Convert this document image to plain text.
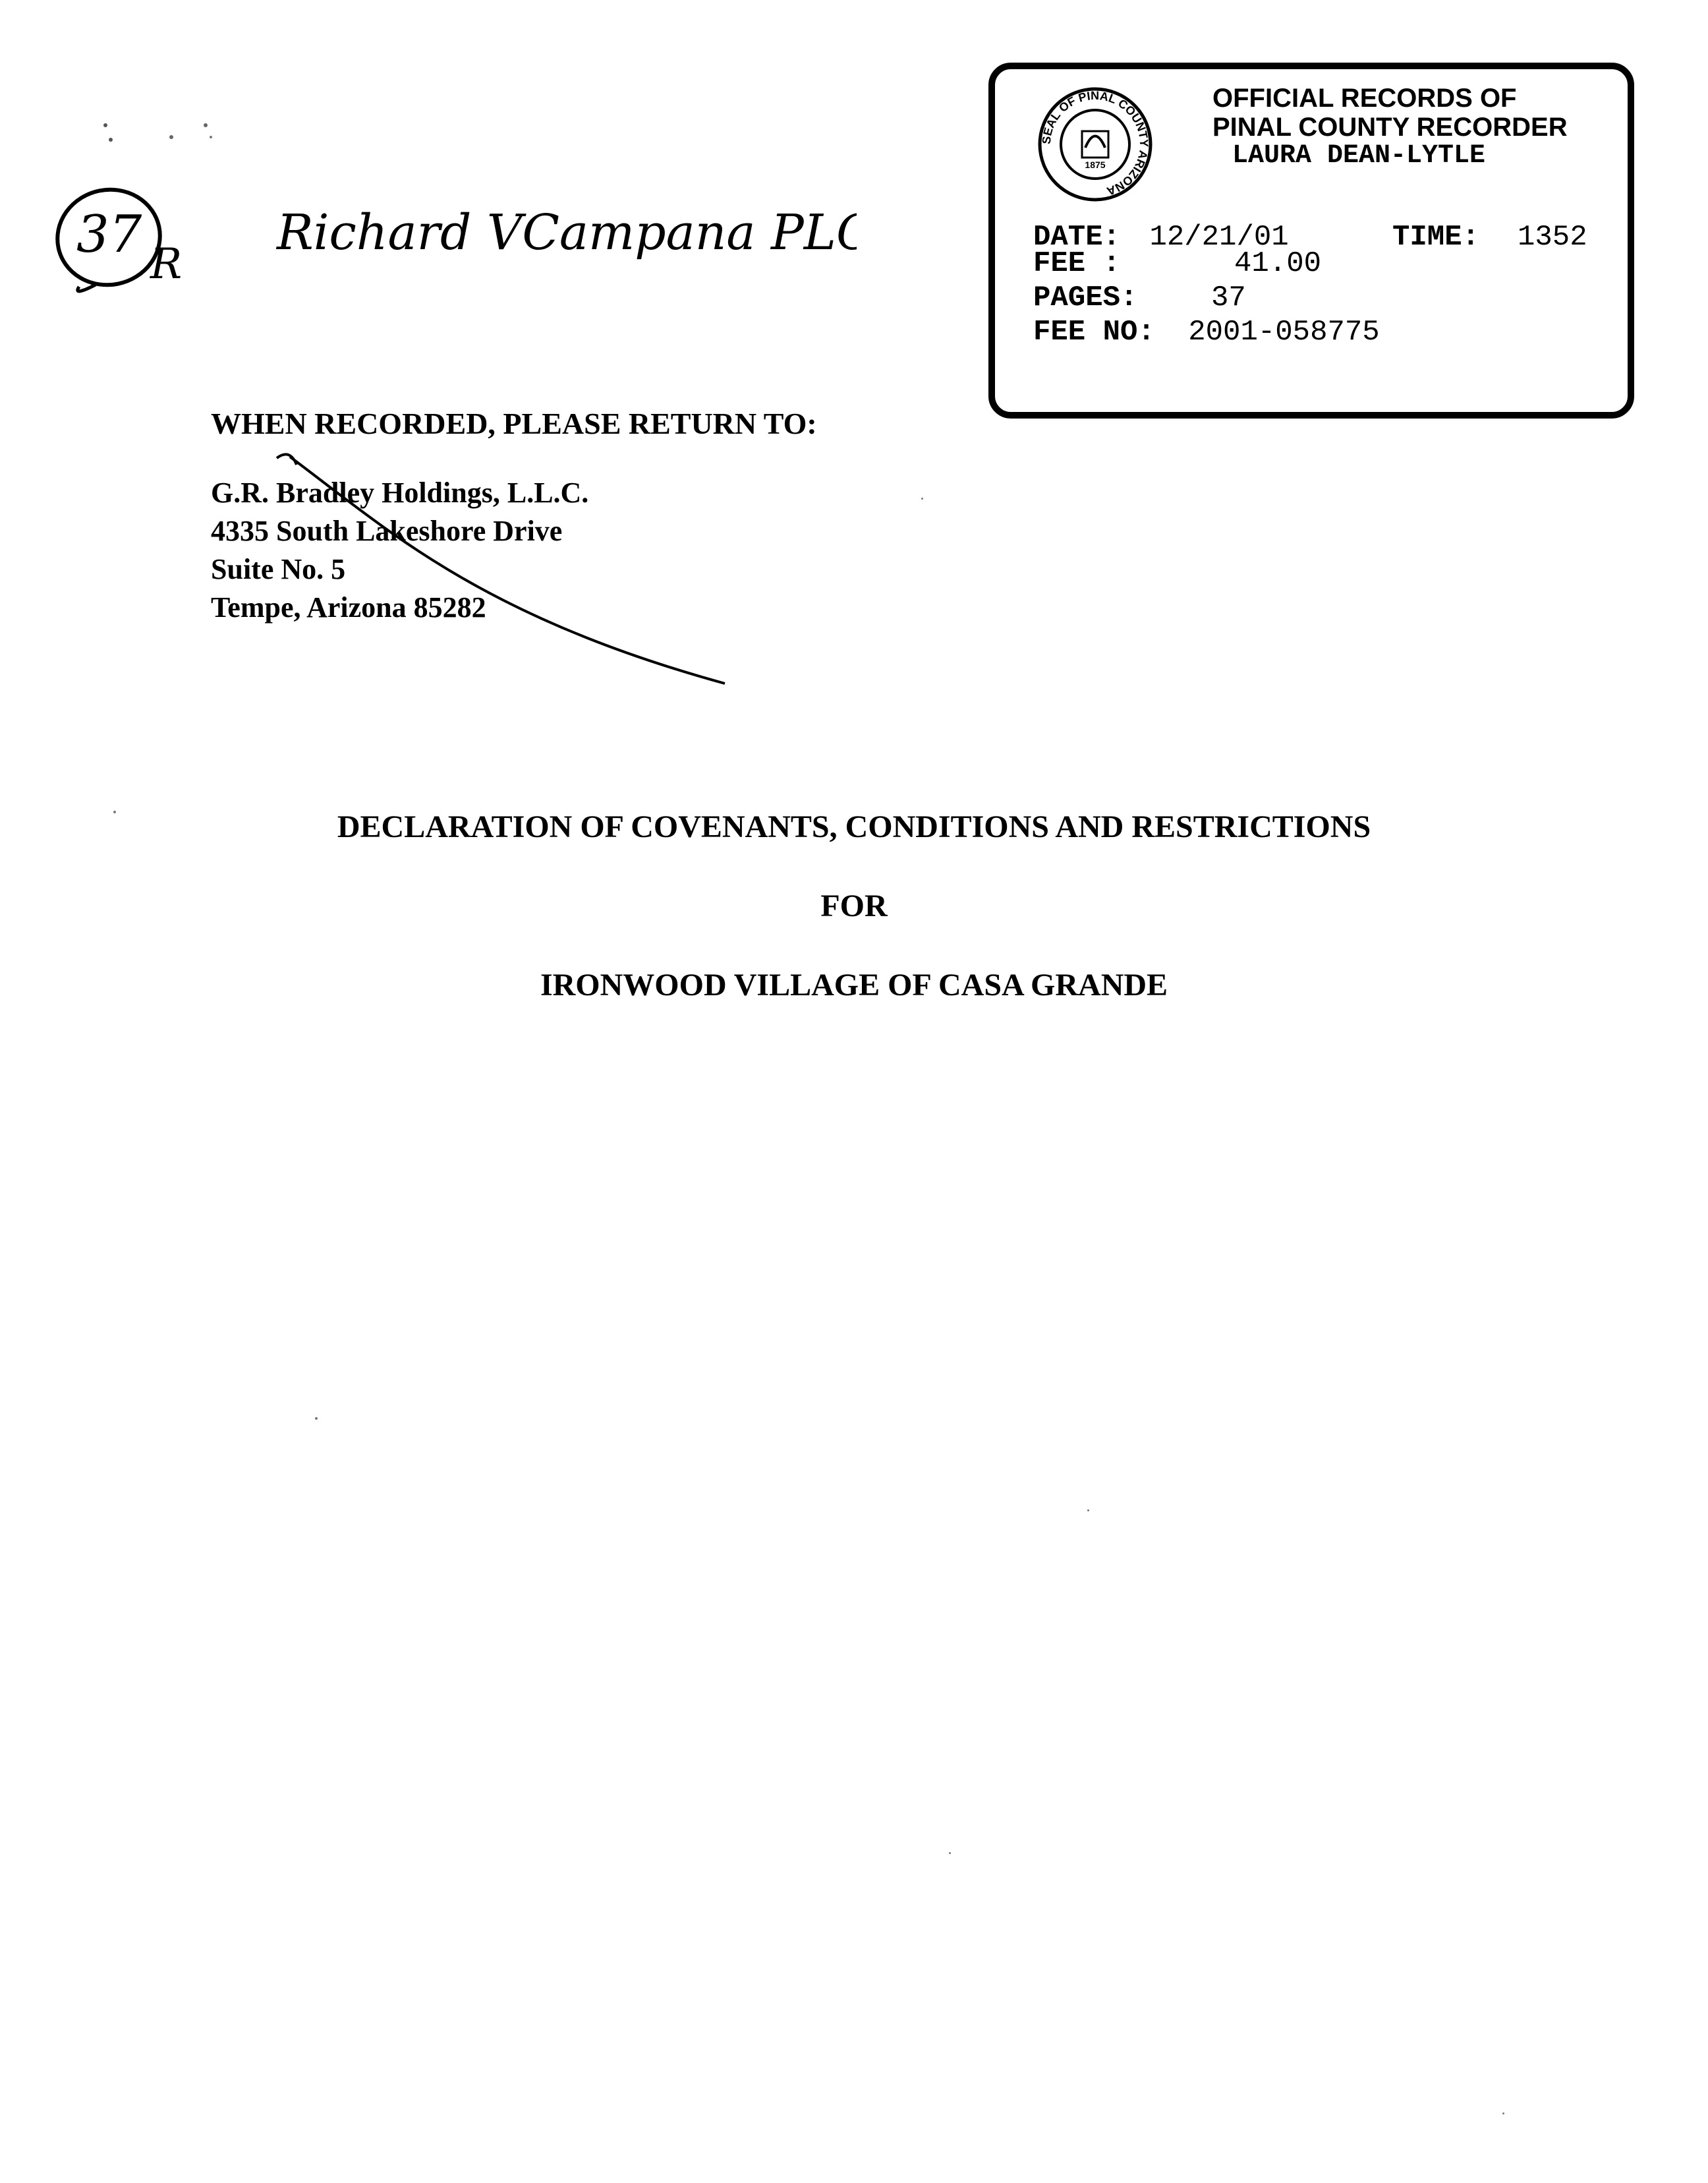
37 R
Richard VCampana PLC
SEAL OF PINAL COUNTY ARIZONA
1875
OFFICIAL RECORDS OF
PINAL COUNTY RECORDER
LAURA DEAN-LYTLE
DATE: 12/21/01	TIME: 1352
FEE :	41.00
PAGES:	37
FEE NO: 2001-058775
WHEN RECORDED, PLEASE RETURN TO:
G.R. Bradley Holdings, L.L.C.
4335 South Lakeshore Drive
Suite No. 5
Tempe, Arizona 85282
DECLARATION OF COVENANTS, CONDITIONS AND RESTRICTIONS
FOR
IRONWOOD VILLAGE OF CASA GRANDE
